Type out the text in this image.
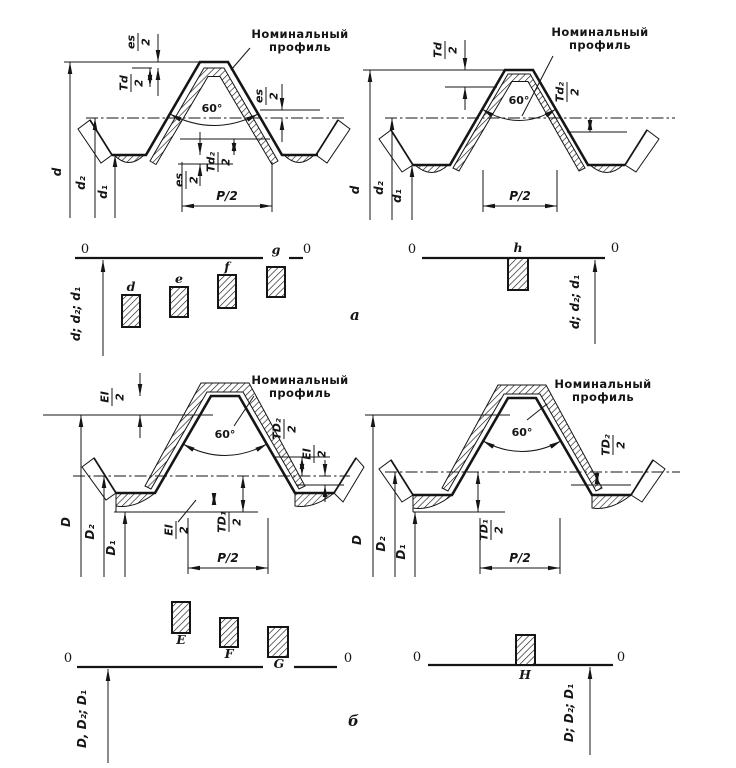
es 2
Td 2
es 2
Td₂ 2
es 2
d
d₂
d₁
60°
P/2
Номинальный
профиль	Td 2
Td₂ 2
d d₂
d₁
60°
P/2
Номинальный
профиль
d
e
f
g
0	0
d; d₂; d₁
h
0	0
d; d₂; d₁
а
EI 2
TD₂ 2
EI 2
EI 2 TD₁ 2
D
D₂
D₁
60°
P/2
Номинальный
профиль
TD₂ 2
TD₁ 2
D D₂
D₁
60°
P/2
Номинальный
профиль
E
F
G
0	0
D, D₂; D₁
H
0	0
D; D₂; D₁
б
